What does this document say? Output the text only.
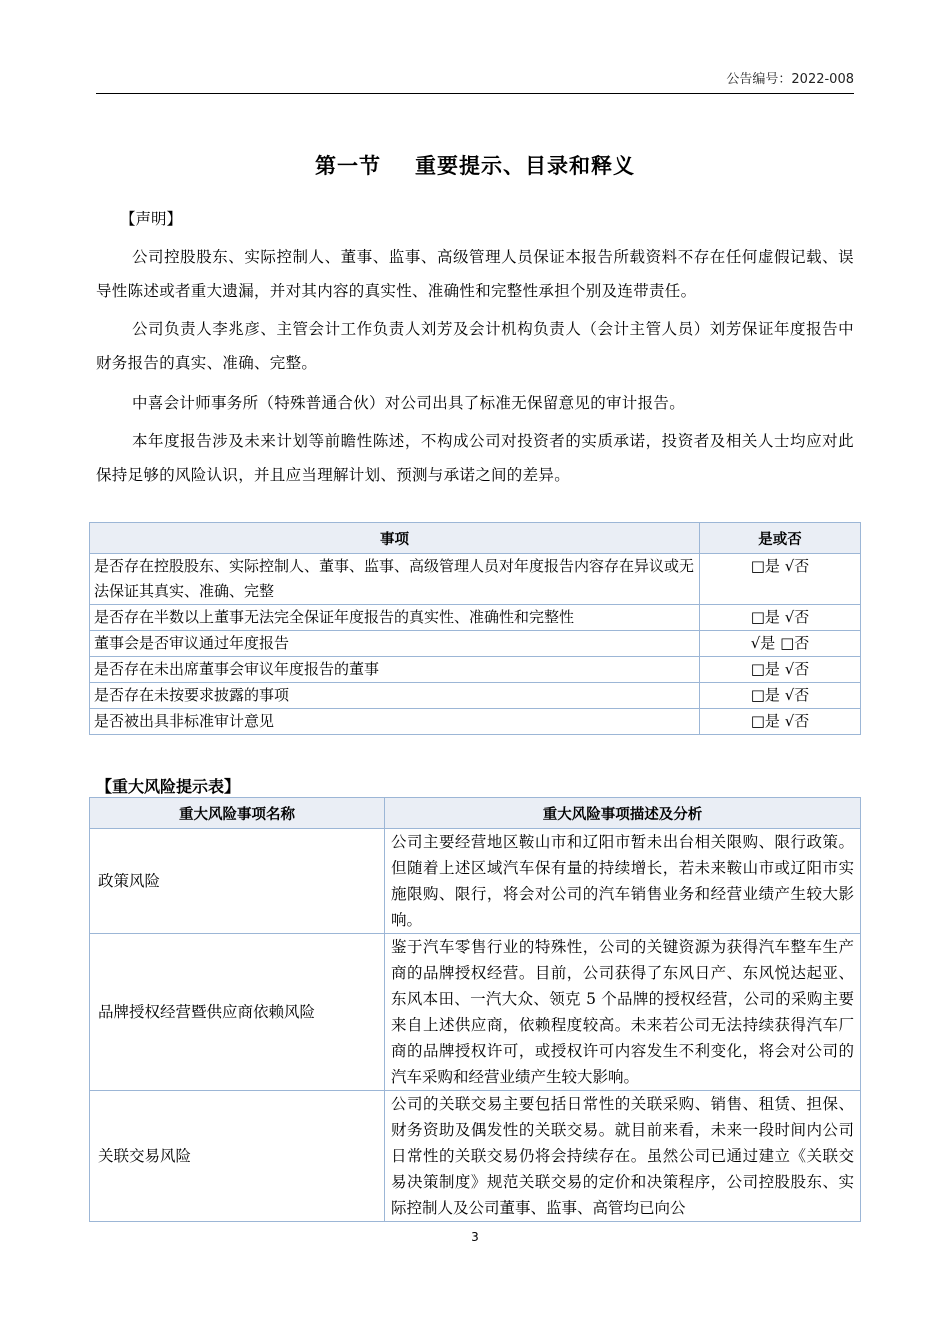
公告编号：2022-008
第一节 重要提示、目录和释义
【声明】
公司控股股东、实际控制人、董事、监事、高级管理人员保证本报告所载资料不存在任何虚假记载、误导性陈述或者重大遗漏，并对其内容的真实性、准确性和完整性承担个别及连带责任。
公司负责人李兆彦、主管会计工作负责人刘芳及会计机构负责人（会计主管人员）刘芳保证年度报告中财务报告的真实、准确、完整。
中喜会计师事务所（特殊普通合伙）对公司出具了标准无保留意见的审计报告。
本年度报告涉及未来计划等前瞻性陈述，不构成公司对投资者的实质承诺，投资者及相关人士均应对此保持足够的风险认识，并且应当理解计划、预测与承诺之间的差异。
事项	是或否
是否存在控股股东、实际控制人、董事、监事、高级管理人员对年度报告内容存在异议或无法保证其真实、准确、完整	□是 √否
是否存在半数以上董事无法完全保证年度报告的真实性、准确性和完整性	□是 √否
董事会是否审议通过年度报告	√是 □否
是否存在未出席董事会审议年度报告的董事	□是 √否
是否存在未按要求披露的事项	□是 √否
是否被出具非标准审计意见	□是 √否
【重大风险提示表】
重大风险事项名称	重大风险事项描述及分析
政策风险	公司主要经营地区鞍山市和辽阳市暂未出台相关限购、限行政策。但随着上述区域汽车保有量的持续增长，若未来鞍山市或辽阳市实施限购、限行，将会对公司的汽车销售业务和经营业绩产生较大影响。
品牌授权经营暨供应商依赖风险	鉴于汽车零售行业的特殊性，公司的关键资源为获得汽车整车生产商的品牌授权经营。目前，公司获得了东风日产、东风悦达起亚、东风本田、一汽大众、领克 5 个品牌的授权经营，公司的采购主要来自上述供应商，依赖程度较高。未来若公司无法持续获得汽车厂商的品牌授权许可，或授权许可内容发生不利变化，将会对公司的汽车采购和经营业绩产生较大影响。
关联交易风险	公司的关联交易主要包括日常性的关联采购、销售、租赁、担保、财务资助及偶发性的关联交易。就目前来看，未来一段时间内公司日常性的关联交易仍将会持续存在。虽然公司已通过建立《关联交易决策制度》规范关联交易的定价和决策程序，公司控股股东、实际控制人及公司董事、监事、高管均已向公
3
